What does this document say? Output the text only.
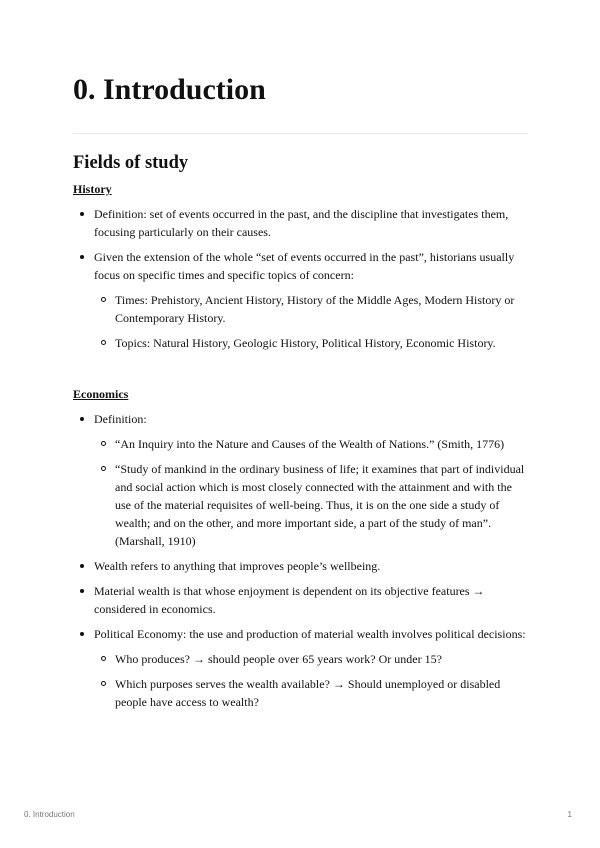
0. Introduction
Fields of study
History
Definition: set of events occurred in the past, and the discipline that investigates them, focusing particularly on their causes.
Given the extension of the whole “set of events occurred in the past”, historians usually focus on specific times and specific topics of concern:
Times: Prehistory, Ancient History, History of the Middle Ages, Modern History or Contemporary History.
Topics: Natural History, Geologic History, Political History, Economic History.
Economics
Definition:
“An Inquiry into the Nature and Causes of the Wealth of Nations.” (Smith, 1776)
“Study of mankind in the ordinary business of life; it examines that part of individual and social action which is most closely connected with the attainment and with the use of the material requisites of well-being. Thus, it is on the one side a study of wealth; and on the other, and more important side, a part of the study of man”. (Marshall, 1910)
Wealth refers to anything that improves people’s wellbeing.
Material wealth is that whose enjoyment is dependent on its objective features → considered in economics.
Political Economy: the use and production of material wealth involves political decisions:
Who produces? → should people over 65 years work? Or under 15?
Which purposes serves the wealth available? → Should unemployed or disabled people have access to wealth?
0. Introduction	1
